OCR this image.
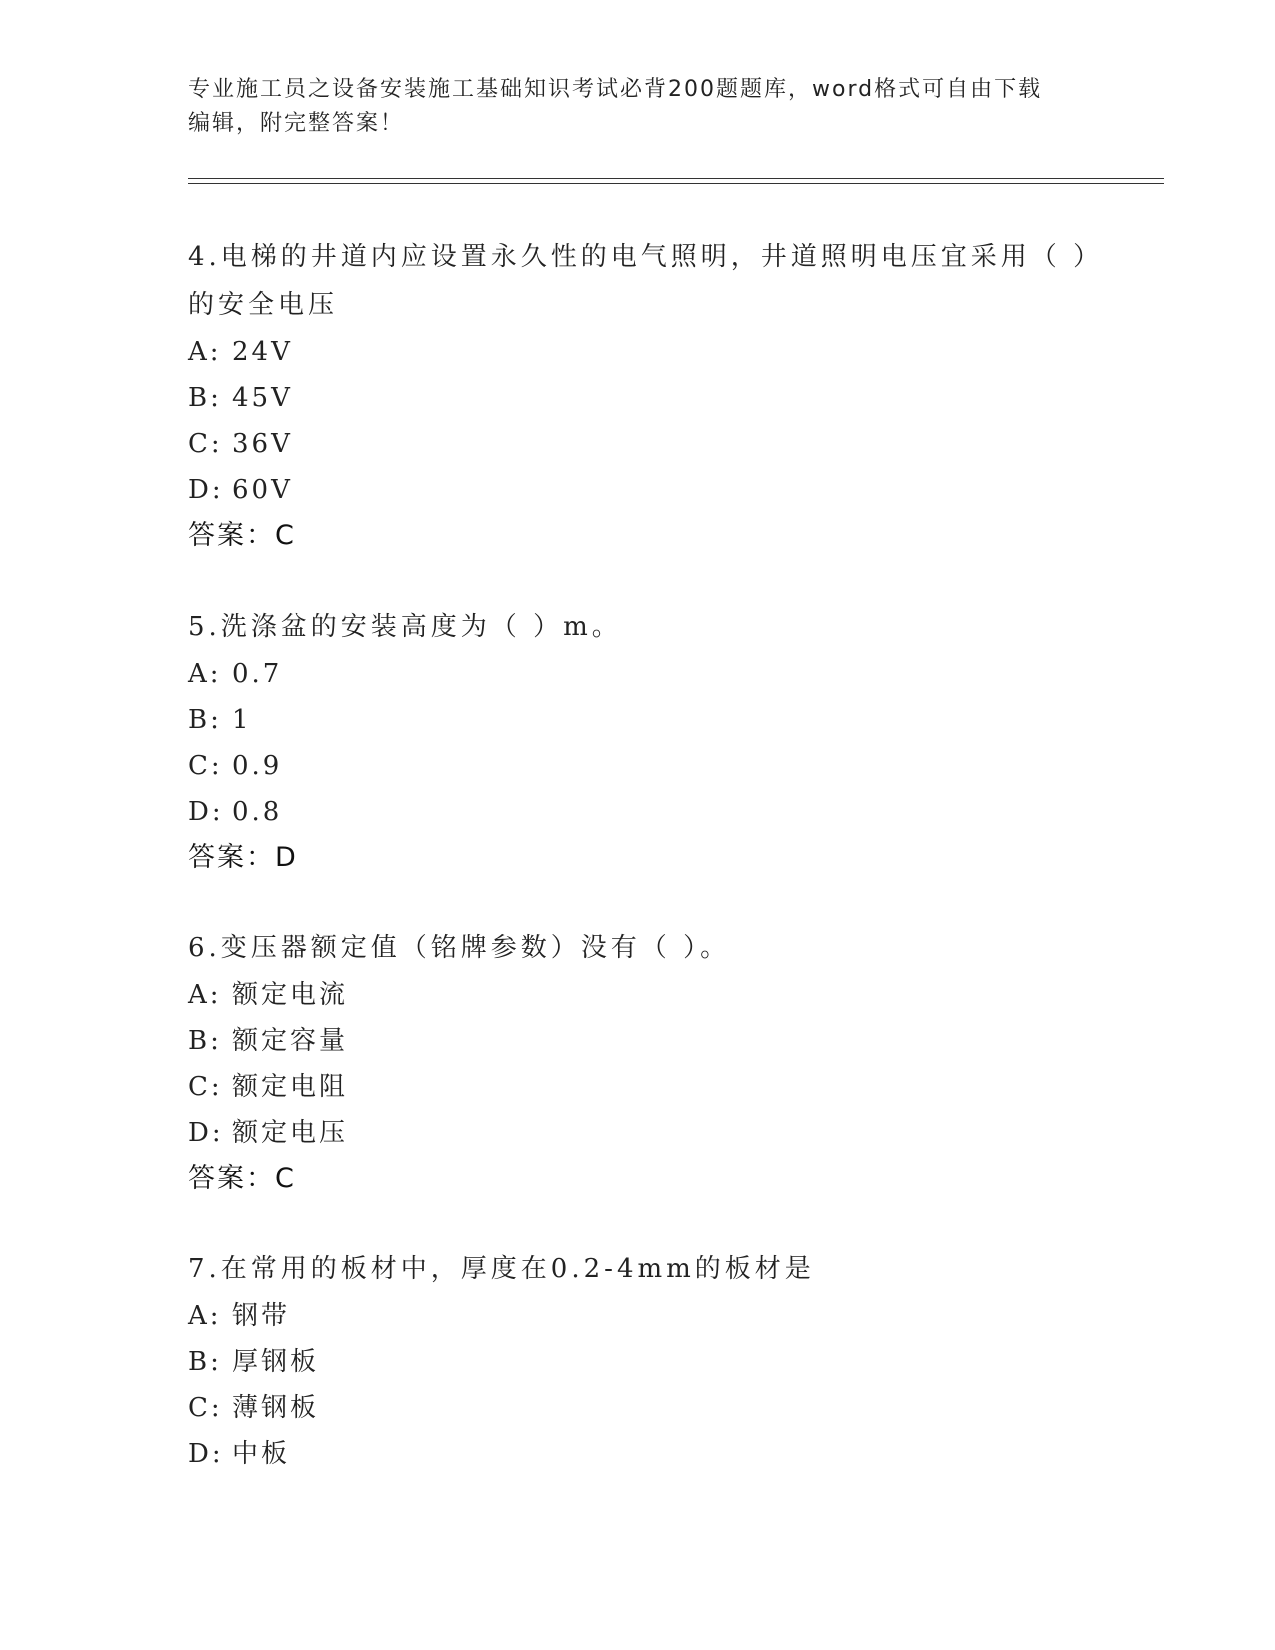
专业施工员之设备安装施工基础知识考试必背200题题库，word格式可自由下载
编辑，附完整答案！

4.电梯的井道内应设置永久性的电气照明，井道照明电压宜采用（ ）

的安全电压

A: 24V
B: 45V
C: 36V
D: 60V
答案：C

5.洗涤盆的安装高度为（ ）m。

A: 0.7
B: 1
C: 0.9
D: 0.8
答案：D

6.变压器额定值（铭牌参数）没有（ ）。

A: 额定电流
B: 额定容量
C: 额定电阻
D: 额定电压
答案：C

7.在常用的板材中，厚度在0.2-4mm的板材是

A: 钢带
B: 厚钢板
C: 薄钢板
D: 中板
